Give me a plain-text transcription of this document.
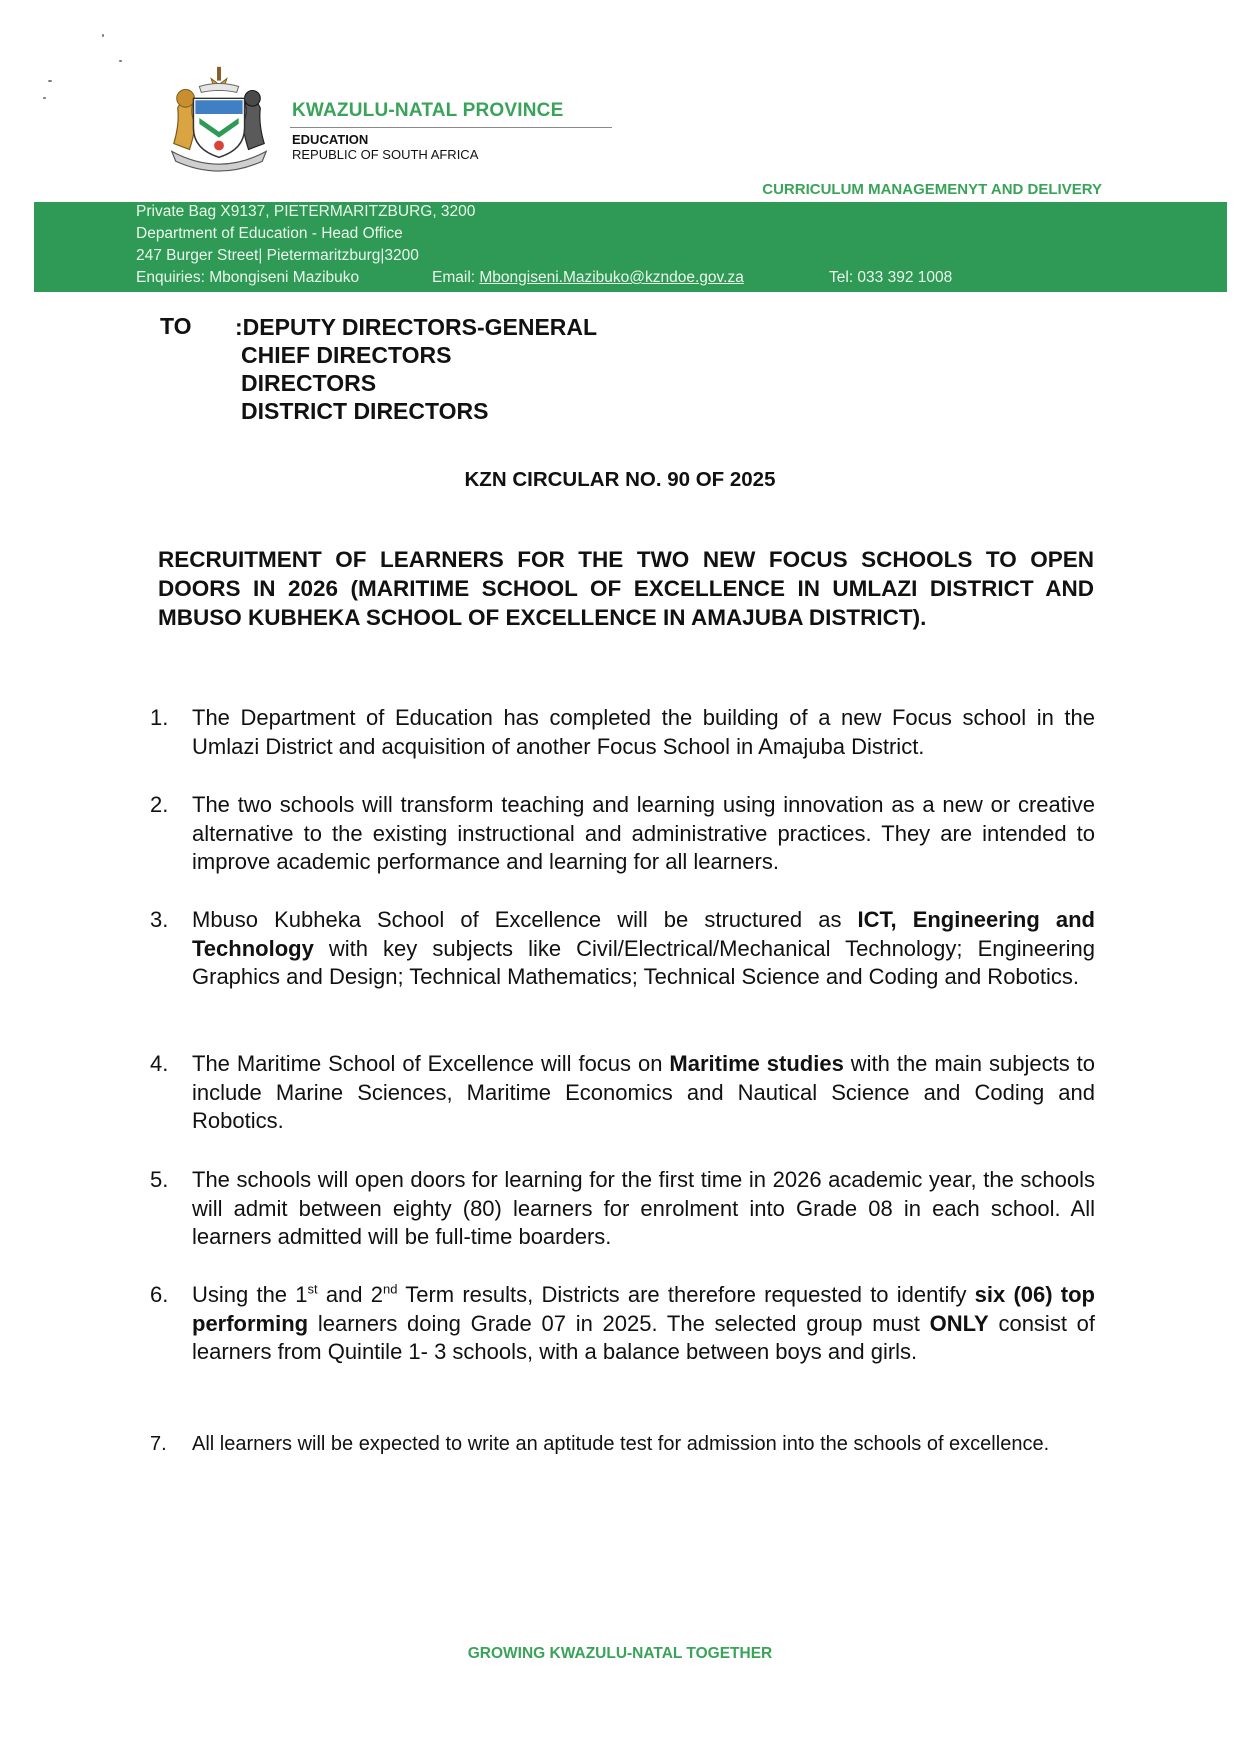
KWAZULU-NATAL PROVINCE
EDUCATION
REPUBLIC OF SOUTH AFRICA
CURRICULUM MANAGEMENYT AND DELIVERY
Private Bag X9137, PIETERMARITZBURG, 3200
Department of Education - Head Office
247 Burger Street| Pietermaritzburg|3200
Enquiries: Mbongiseni Mazibuko	Email: Mbongiseni.Mazibuko@kzndoe.gov.za	Tel: 033 392 1008
TO :DEPUTY DIRECTORS-GENERAL
CHIEF DIRECTORS
DIRECTORS
DISTRICT DIRECTORS
KZN CIRCULAR NO. 90 OF 2025
RECRUITMENT OF LEARNERS FOR THE TWO NEW FOCUS SCHOOLS TO OPEN DOORS IN 2026 (MARITIME SCHOOL OF EXCELLENCE IN UMLAZI DISTRICT AND MBUSO KUBHEKA SCHOOL OF EXCELLENCE IN AMAJUBA DISTRICT).
1.	The Department of Education has completed the building of a new Focus school in the Umlazi District and acquisition of another Focus School in Amajuba District.
2.	The two schools will transform teaching and learning using innovation as a new or creative alternative to the existing instructional and administrative practices. They are intended to improve academic performance and learning for all learners.
3.	Mbuso Kubheka School of Excellence will be structured as ICT, Engineering and Technology with key subjects like Civil/Electrical/Mechanical Technology; Engineering Graphics and Design; Technical Mathematics; Technical Science and Coding and Robotics.
4.	The Maritime School of Excellence will focus on Maritime studies with the main subjects to include Marine Sciences, Maritime Economics and Nautical Science and Coding and Robotics.
5.	The schools will open doors for learning for the first time in 2026 academic year, the schools will admit between eighty (80) learners for enrolment into Grade 08 in each school. All learners admitted will be full-time boarders.
6.	Using the 1st and 2nd Term results, Districts are therefore requested to identify six (06) top performing learners doing Grade 07 in 2025. The selected group must ONLY consist of learners from Quintile 1- 3 schools, with a balance between boys and girls.
7.	All learners will be expected to write an aptitude test for admission into the schools of excellence.
GROWING KWAZULU-NATAL TOGETHER
